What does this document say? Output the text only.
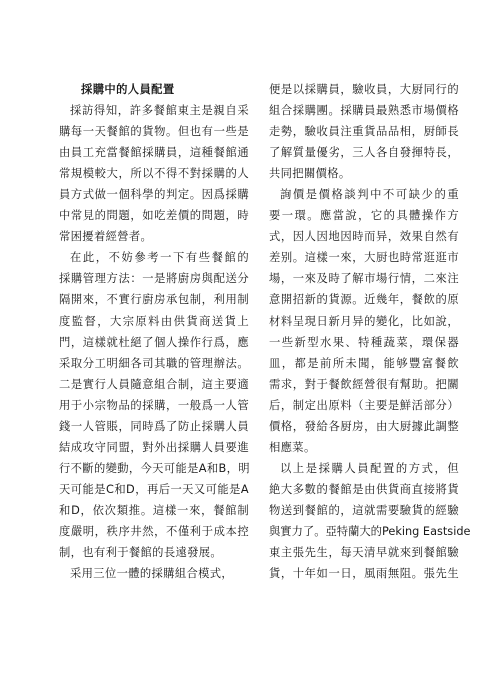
採購中的人員配置
採訪得知，許多餐館東主是親自采
購每一天餐館的貨物。但也有一些是
由員工充當餐館採購員，這種餐館通
常規模較大，所以不得不對採購的人
員方式做一個科學的判定。因爲採購
中常見的問題，如吃差價的問題，時
常困擾着經營者。
在此，不妨參考一下有些餐館的
採購管理方法：一是將廚房與配送分
隔開來，不實行廚房承包制，利用制
度監督，大宗原料由供貨商送貨上
門，這樣就杜絕了個人操作行爲，應
采取分工明細各司其職的管理辦法。
二是實行人員隨意組合制，這主要適
用于小宗物品的採購，一般爲一人管
錢一人管賬，同時爲了防止採購人員
結成攻守同盟，對外出採購人員要進
行不斷的變動，今天可能是A和B，明
天可能是C和D，再后一天又可能是A
和D，依次類推。這樣一來，餐館制
度嚴明，秩序井然，不僅利于成本控
制，也有利于餐館的長遠發展。
采用三位一體的採購組合模式，
便是以採購員，驗收員，大厨同行的
組合採購團。採購員最熟悉市場價格
走勢，驗收員注重貨品品相，厨師長
了解質量優劣，三人各自發揮特長，
共同把關價格。
詢價是價格談判中不可缺少的重
要一環。應當說，它的具體操作方
式，因人因地因時而异，效果自然有
差别。這樣一來，大厨也時常逛逛市
場，一來及時了解市場行情，二來注
意開招新的貨源。近幾年，餐飲的原
材料呈現日新月异的變化，比如說，
一些新型水果、特種蔬菜，環保器
皿，都是前所未聞，能够豐富餐飲
需求，對于餐飲經營很有幫助。把關
后，制定出原料（主要是鮮活部分）
價格，發給各厨房，由大厨據此調整
相應菜。
以上是採購人員配置的方式，但
絶大多數的餐館是由供貨商直接將貨
物送到餐館的，這就需要驗貨的經驗
與實力了。亞特蘭大的Peking Eastside
東主張先生，每天清早就來到餐館驗
貨，十年如一日，風雨無阻。張先生
